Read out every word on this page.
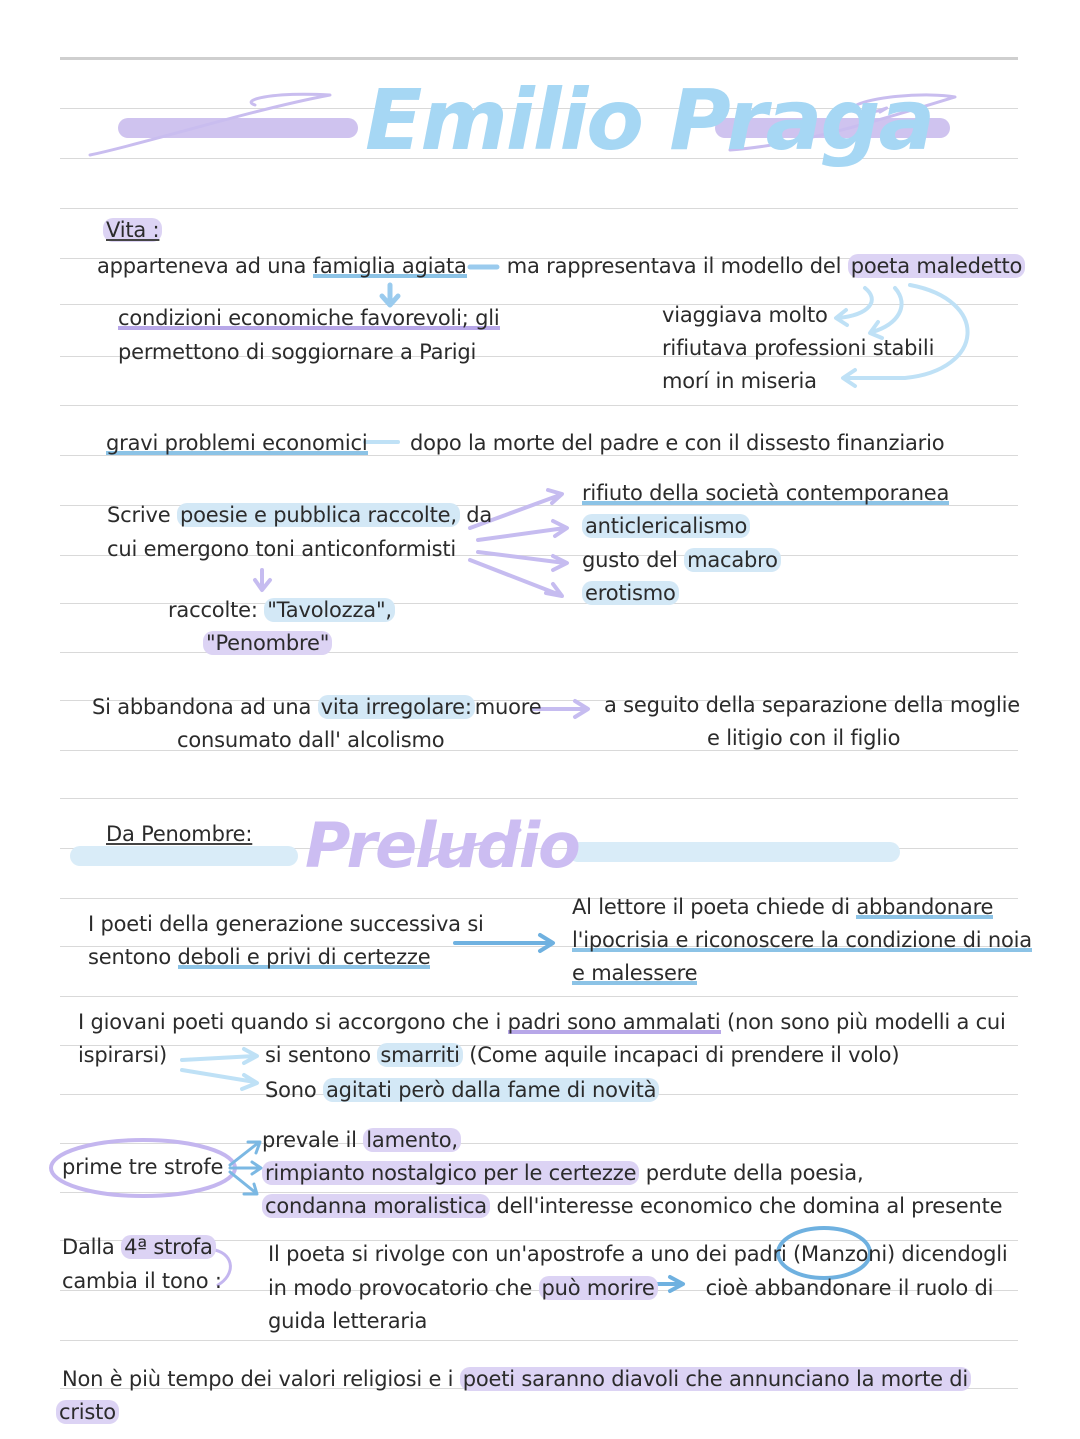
Emilio Praga
Vita :
apparteneva ad una famiglia agiata ma rappresentava il modello del poeta maledetto
condizioni economiche favorevoli; gli
permettono di soggiornare a Parigi
viaggiava molto
rifiutava professioni stabili
morí in miseria
gravi problemi economici dopo la morte del padre e con il dissesto finanziario
Scrive poesie e pubblica raccolte, da
cui emergono toni anticonformisti
raccolte: "Tavolozza",
"Penombre"
rifiuto della società contemporanea
anticlericalismo
gusto del macabro
erotismo
Si abbandona ad una vita irregolare: muore
consumato dall' alcolismo
a seguito della separazione della moglie
e litigio con il figlio
Da Penombre: Preludio
I poeti della generazione successiva si
sentono deboli e privi di certezze
Al lettore il poeta chiede di abbandonare
l'ipocrisia e riconoscere la condizione di noia
e malessere
I giovani poeti quando si accorgono che i padri sono ammalati (non sono più modelli a cui
ispirarsi)	si sentono smarriti (Come aquile incapaci di prendere il volo)
Sono agitati però dalla fame di novità
prime tre strofe
prevale il lamento,
rimpianto nostalgico per le certezze perdute della poesia,
condanna moralistica dell'interesse economico che domina al presente
Dalla 4ª strofa
cambia il tono :
Il poeta si rivolge con un'apostrofe a uno dei padri (Manzoni) dicendogli
in modo provocatorio che può morire cioè abbandonare il ruolo di
guida letteraria
Non è più tempo dei valori religiosi e i poeti saranno diavoli che annunciano la morte di
cristo
